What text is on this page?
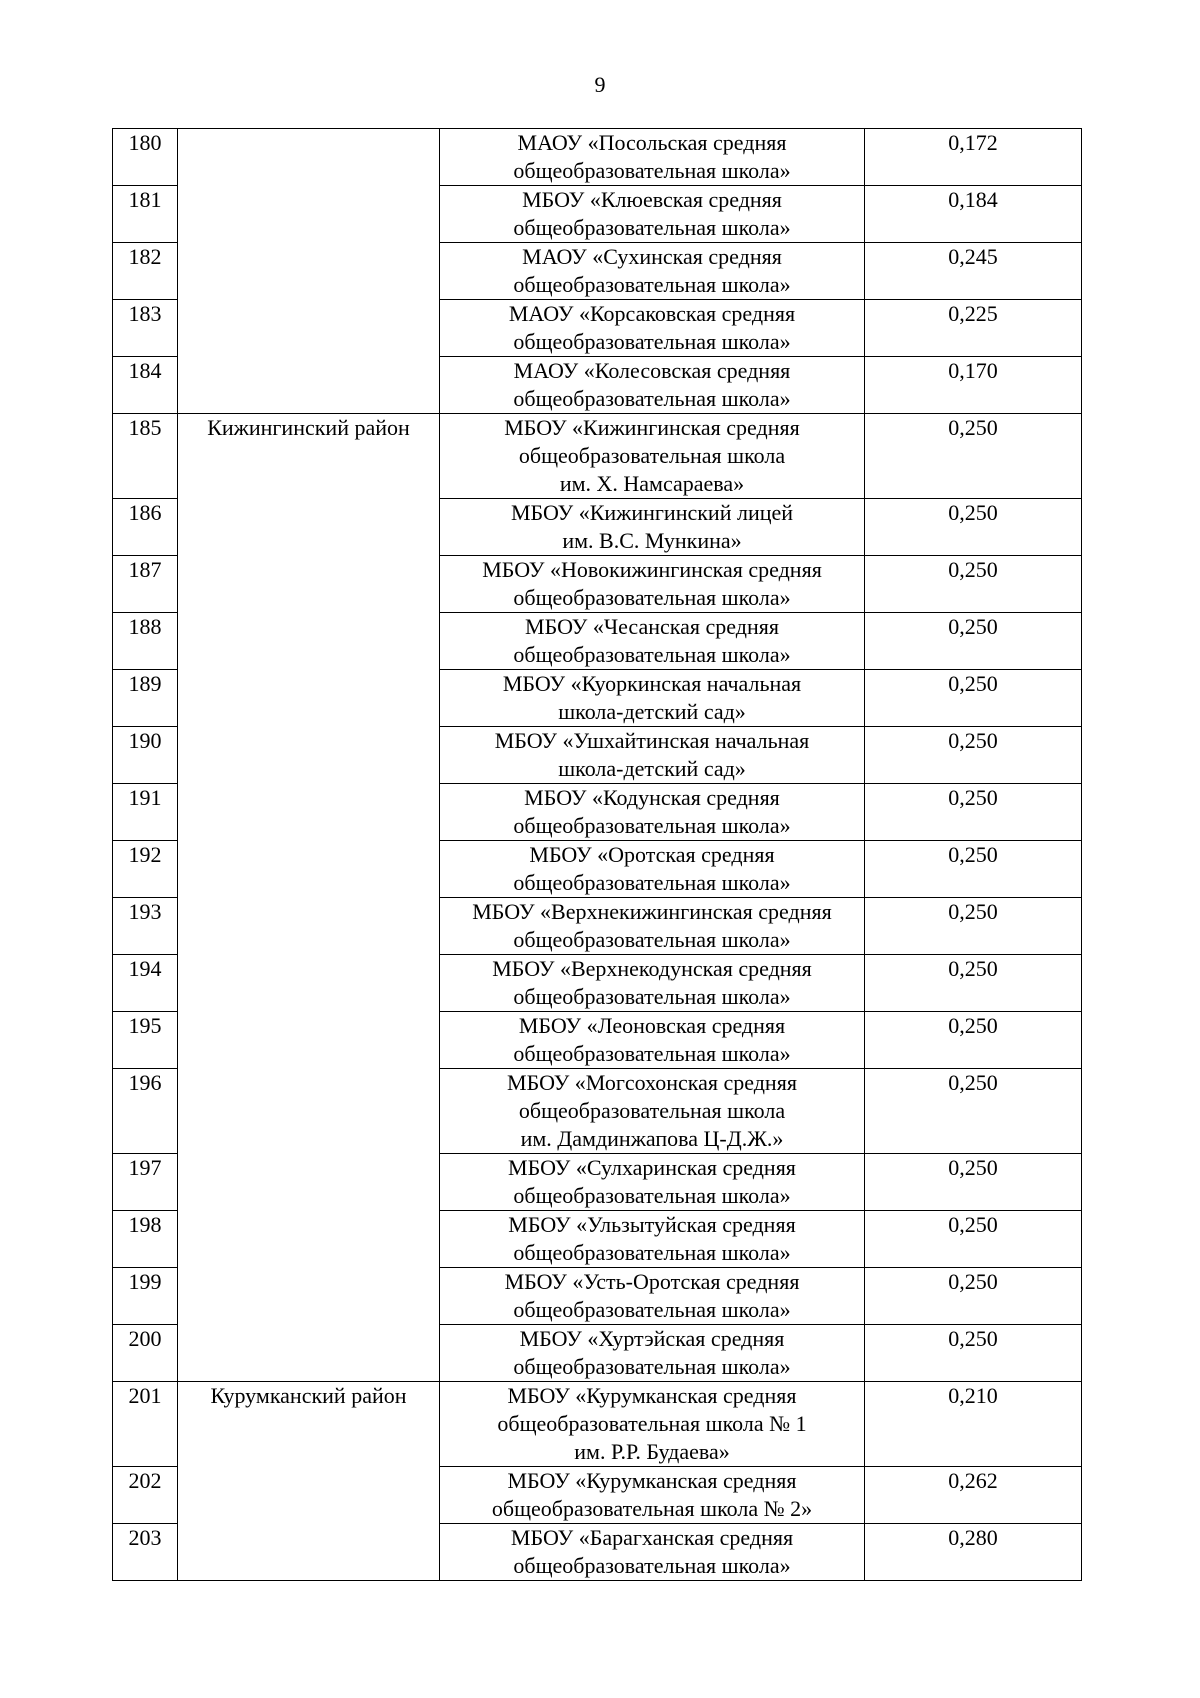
9
180		МАОУ «Посольская средняя
общеобразовательная школа»	0,172
181		МБОУ «Клюевская средняя
общеобразовательная школа»	0,184
182		МАОУ «Сухинская средняя
общеобразовательная школа»	0,245
183		МАОУ «Корсаковская средняя
общеобразовательная школа»	0,225
184		МАОУ «Колесовская средняя
общеобразовательная школа»	0,170
185	Кижингинский район	МБОУ «Кижингинская средняя
общеобразовательная школа
им. Х. Намсараева»	0,250
186		МБОУ «Кижингинский лицей
им. В.С. Мункина»	0,250
187		МБОУ «Новокижингинская средняя
общеобразовательная школа»	0,250
188		МБОУ «Чесанская средняя
общеобразовательная школа»	0,250
189		МБОУ «Куоркинская начальная
школа-детский сад»	0,250
190		МБОУ «Ушхайтинская начальная
школа-детский сад»	0,250
191		МБОУ «Кодунская средняя
общеобразовательная школа»	0,250
192		МБОУ «Оротская средняя
общеобразовательная школа»	0,250
193		МБОУ «Верхнекижингинская средняя
общеобразовательная школа»	0,250
194		МБОУ «Верхнекодунская средняя
общеобразовательная школа»	0,250
195		МБОУ «Леоновская средняя
общеобразовательная школа»	0,250
196		МБОУ «Могсохонская средняя
общеобразовательная школа
им. Дамдинжапова Ц-Д.Ж.»	0,250
197		МБОУ «Сулхаринская средняя
общеобразовательная школа»	0,250
198		МБОУ «Ульзытуйская средняя
общеобразовательная школа»	0,250
199		МБОУ «Усть-Оротская средняя
общеобразовательная школа»	0,250
200		МБОУ «Хуртэйская средняя
общеобразовательная школа»	0,250
201	Курумканский район	МБОУ «Курумканская средняя
общеобразовательная школа № 1
им. Р.Р. Будаева»	0,210
202		МБОУ «Курумканская средняя
общеобразовательная школа № 2»	0,262
203		МБОУ «Барагханская средняя
общеобразовательная школа»	0,280
